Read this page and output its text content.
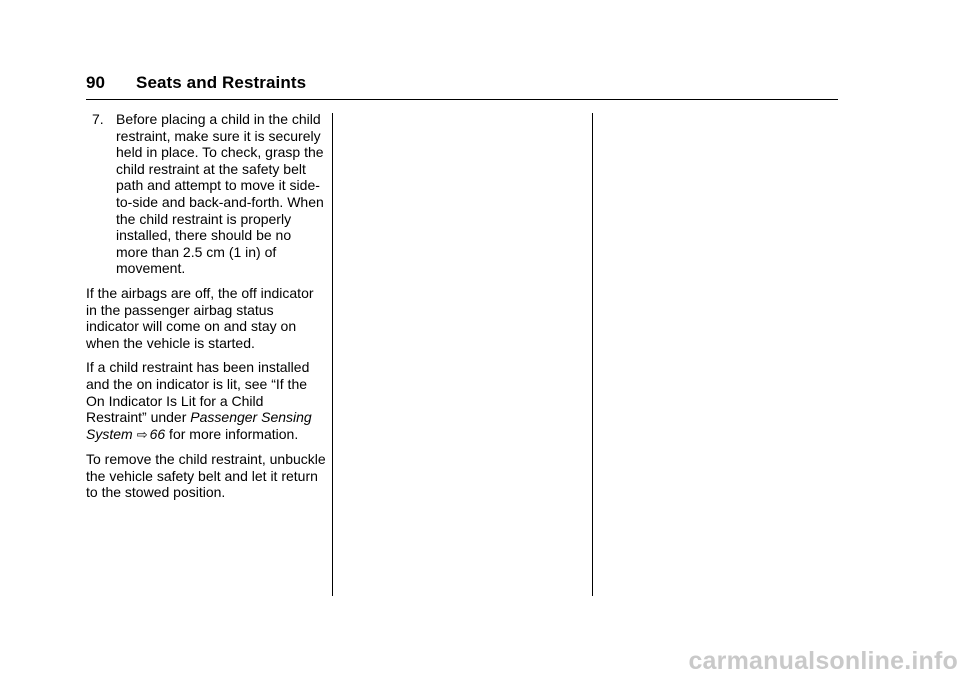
90 Seats and Restraints
7. Before placing a child in the child restraint, make sure it is securely held in place. To check, grasp the child restraint at the safety belt path and attempt to move it side-to-side and back-and-forth. When the child restraint is properly installed, there should be no more than 2.5 cm (1 in) of movement.

If the airbags are off, the off indicator in the passenger airbag status indicator will come on and stay on when the vehicle is started.

If a child restraint has been installed and the on indicator is lit, see “If the On Indicator Is Lit for a Child Restraint” under Passenger Sensing System ⇨ 66 for more information.

To remove the child restraint, unbuckle the vehicle safety belt and let it return to the stowed position.

carmanualsonline.info
